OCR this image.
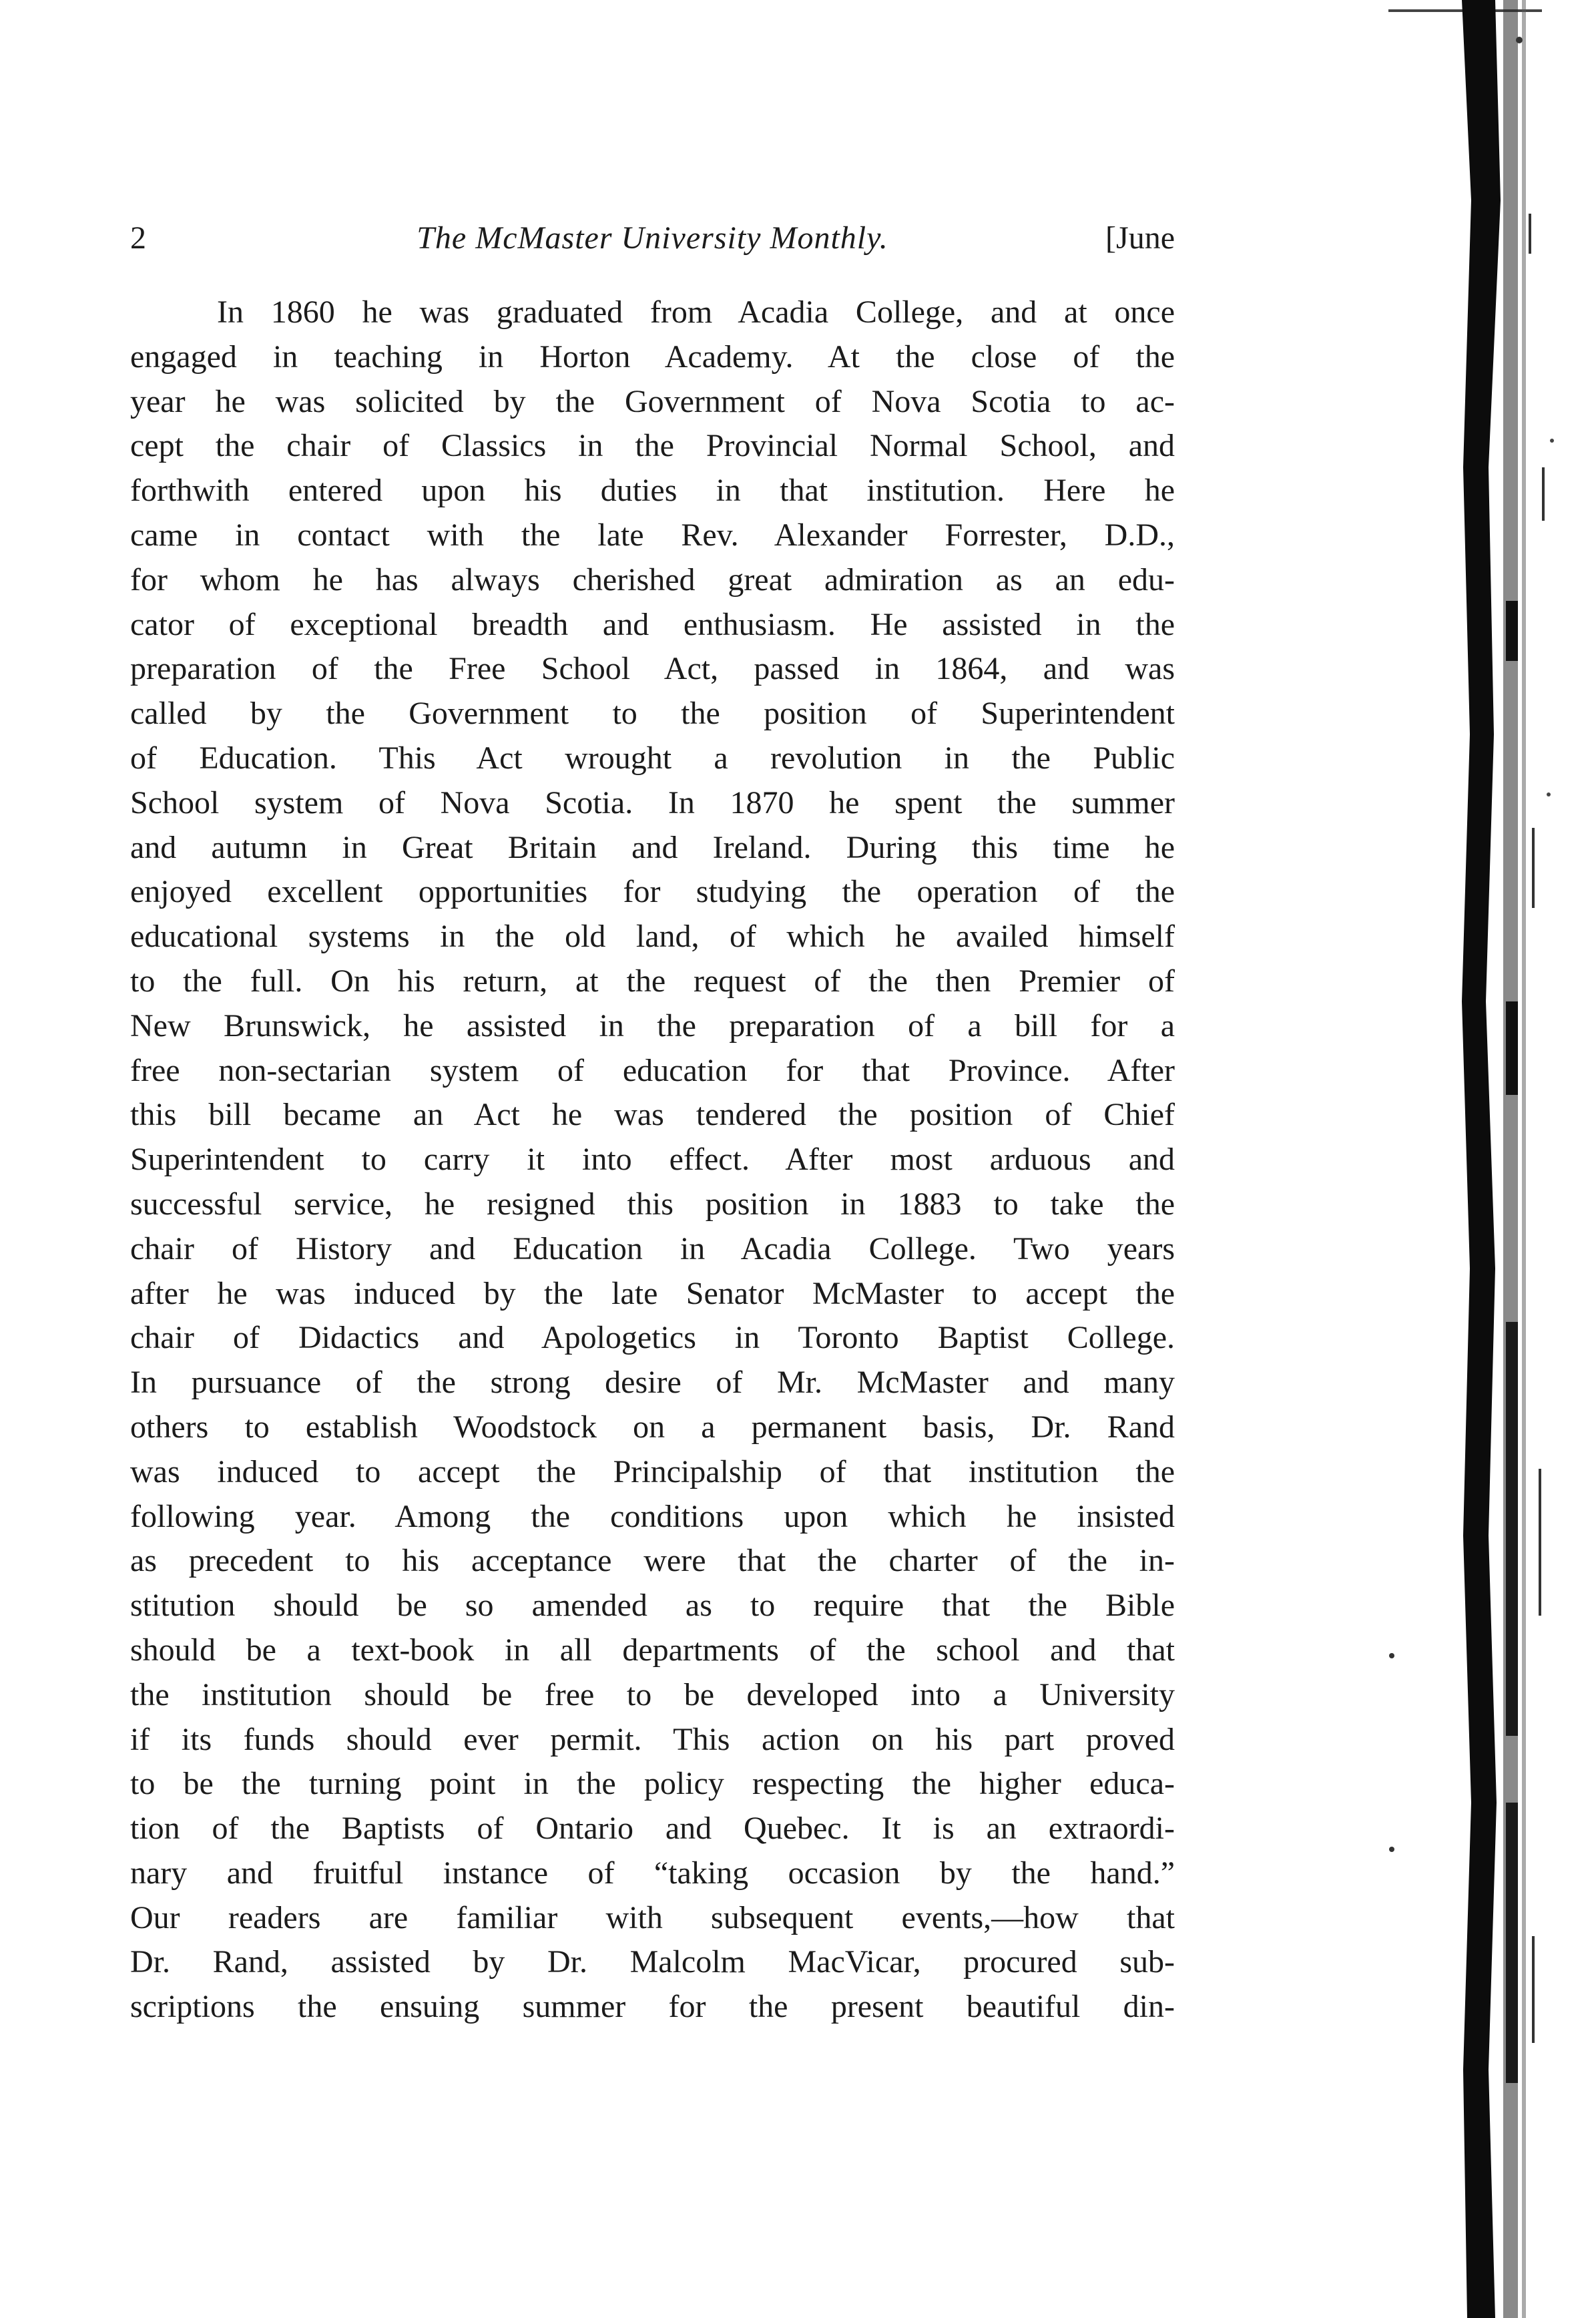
2	The McMaster University Monthly.	[June
In 1860 he was graduated from Acadia College, and at once
engaged in teaching in Horton Academy. At the close of the
year he was solicited by the Government of Nova Scotia to ac-
cept the chair of Classics in the Provincial Normal School, and
forthwith entered upon his duties in that institution. Here he
came in contact with the late Rev. Alexander Forrester, D.D.,
for whom he has always cherished great admiration as an edu-
cator of exceptional breadth and enthusiasm. He assisted in the
preparation of the Free School Act, passed in 1864, and was
called by the Government to the position of Superintendent
of Education. This Act wrought a revolution in the Public
School system of Nova Scotia. In 1870 he spent the summer
and autumn in Great Britain and Ireland. During this time he
enjoyed excellent opportunities for studying the operation of the
educational systems in the old land, of which he availed himself
to the full. On his return, at the request of the then Premier of
New Brunswick, he assisted in the preparation of a bill for a
free non-sectarian system of education for that Province. After
this bill became an Act he was tendered the position of Chief
Superintendent to carry it into effect. After most arduous and
successful service, he resigned this position in 1883 to take the
chair of History and Education in Acadia College. Two years
after he was induced by the late Senator McMaster to accept the
chair of Didactics and Apologetics in Toronto Baptist College.
In pursuance of the strong desire of Mr. McMaster and many
others to establish Woodstock on a permanent basis, Dr. Rand
was induced to accept the Principalship of that institution the
following year. Among the conditions upon which he insisted
as precedent to his acceptance were that the charter of the in-
stitution should be so amended as to require that the Bible
should be a text-book in all departments of the school and that
the institution should be free to be developed into a University
if its funds should ever permit. This action on his part proved
to be the turning point in the policy respecting the higher educa-
tion of the Baptists of Ontario and Quebec. It is an extraordi-
nary and fruitful instance of “taking occasion by the hand.”
Our readers are familiar with subsequent events,—how that
Dr. Rand, assisted by Dr. Malcolm MacVicar, procured sub-
scriptions the ensuing summer for the present beautiful din-
